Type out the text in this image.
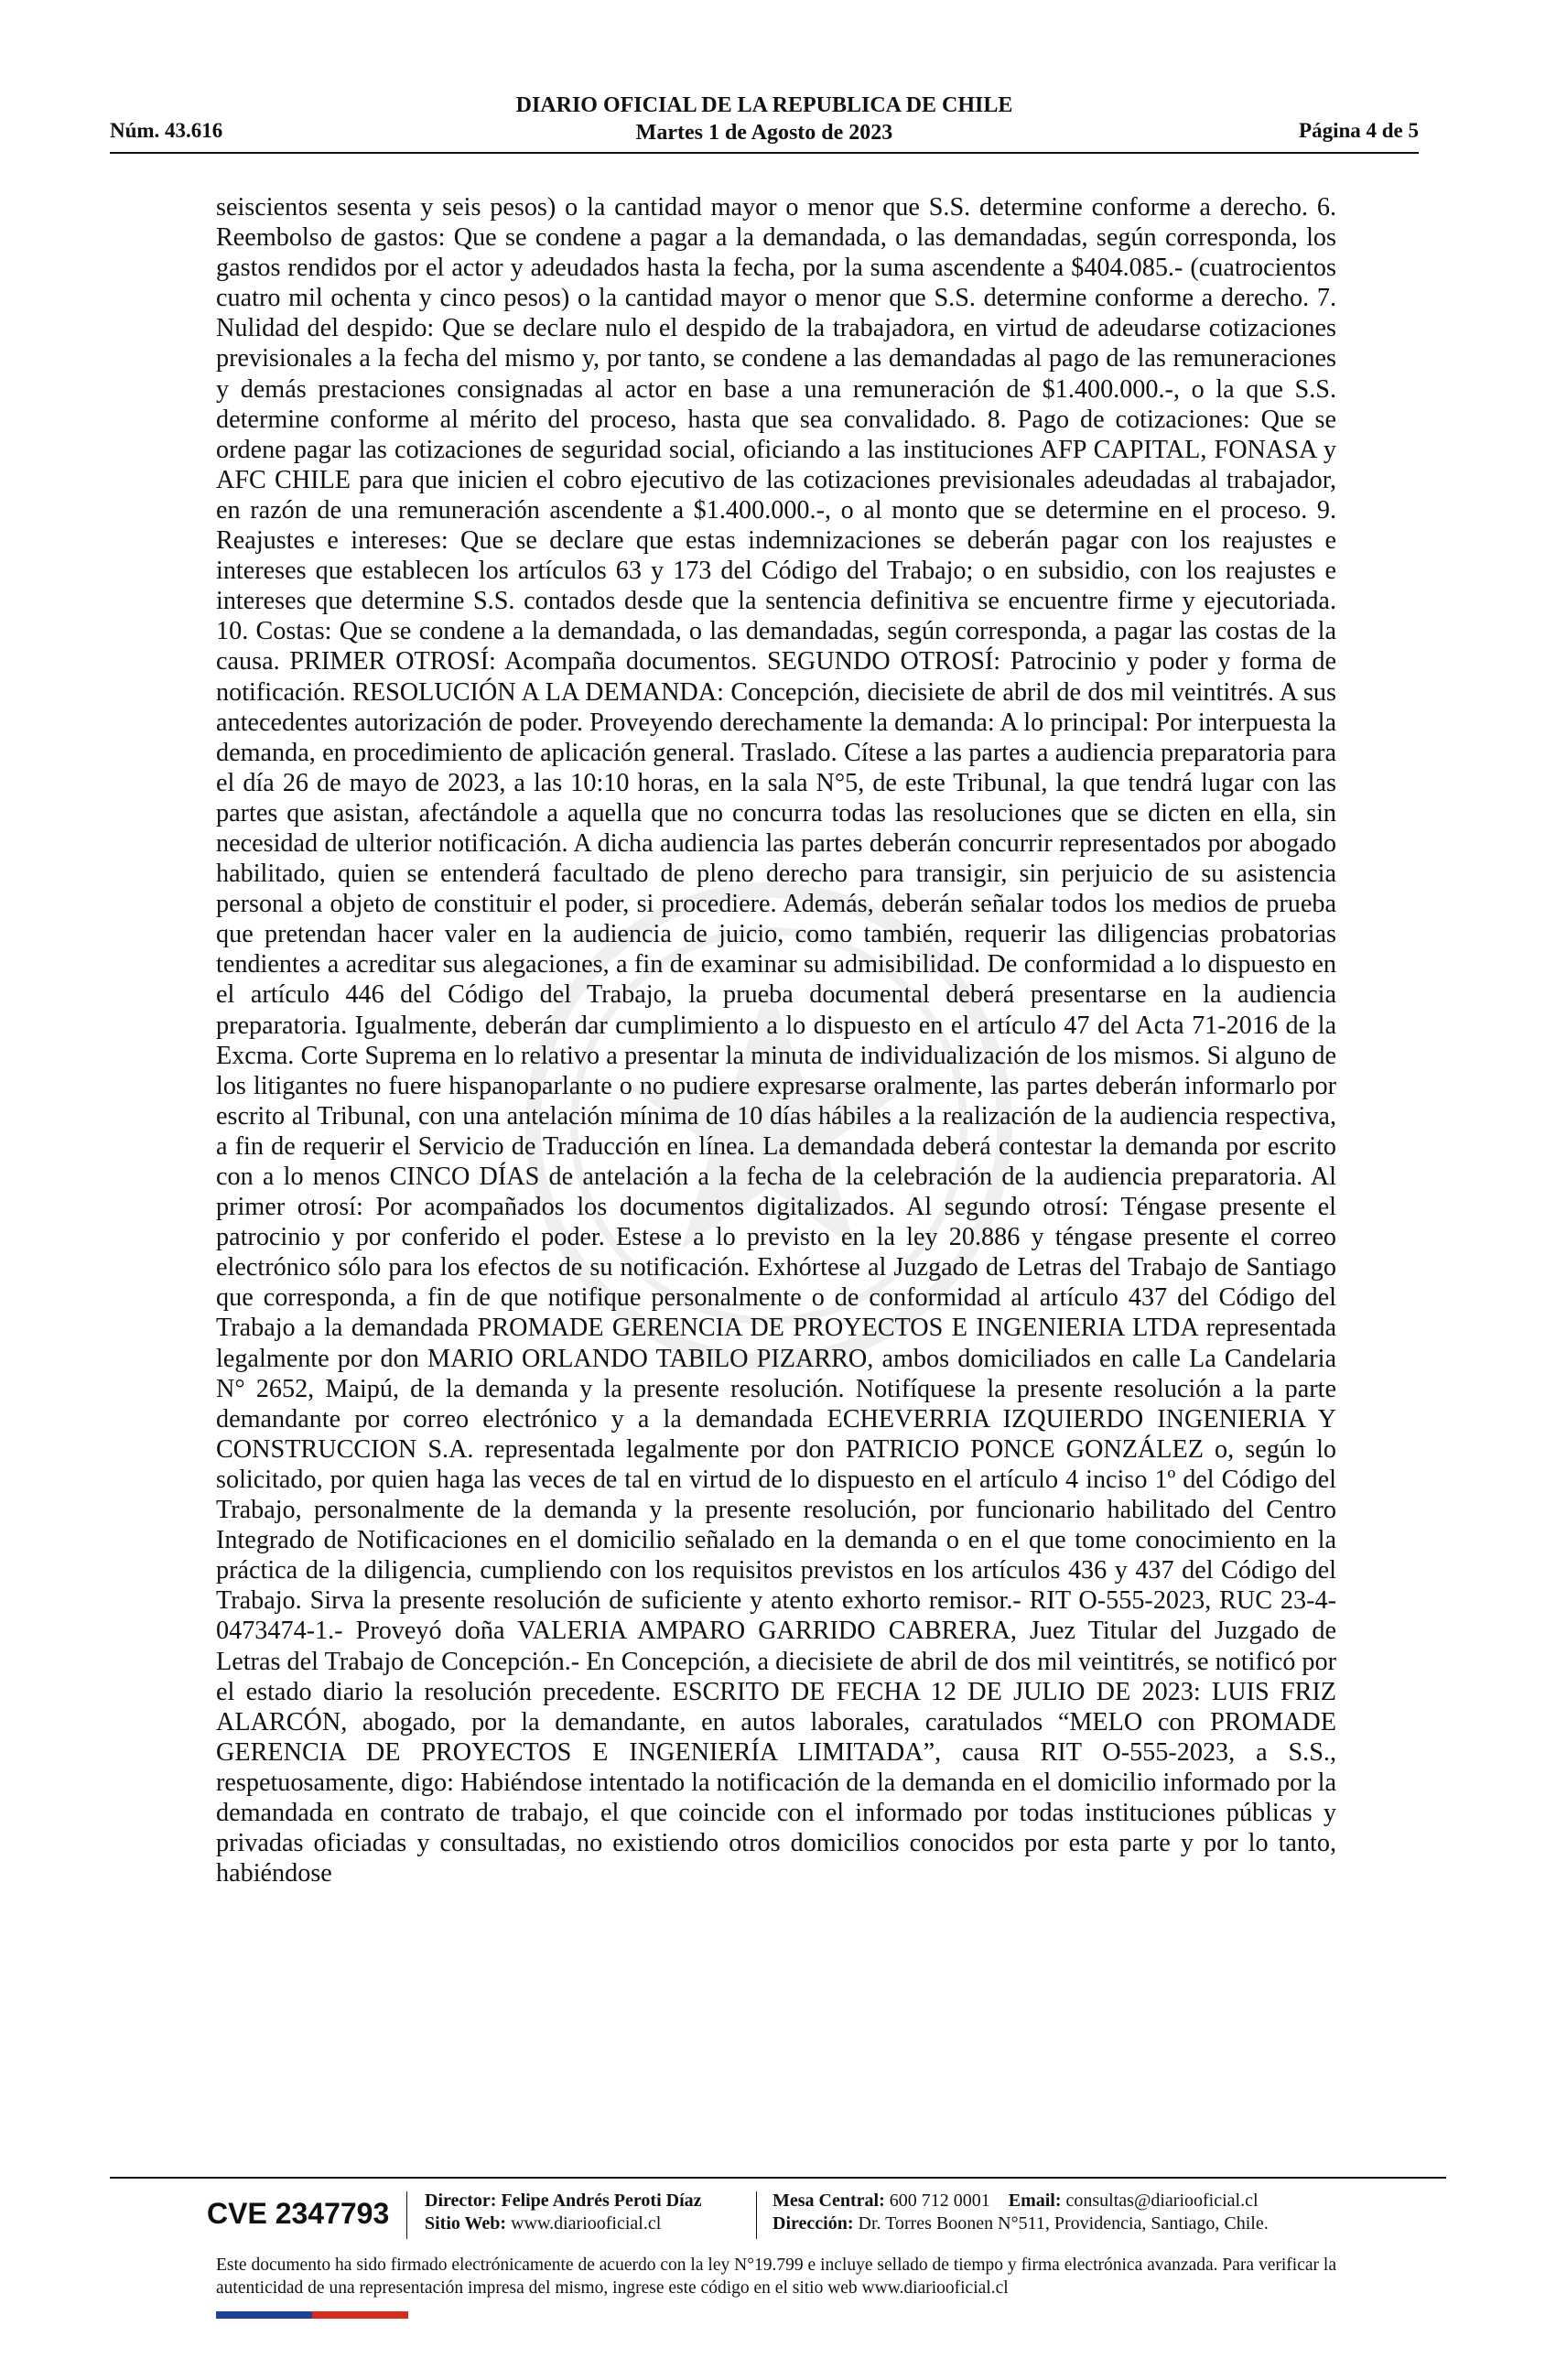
DIARIO OFICIAL DE LA REPUBLICA DE CHILE
Martes 1 de Agosto de 2023
Núm. 43.616	Página 4 de 5

seiscientos sesenta y seis pesos) o la cantidad mayor o menor que S.S. determine conforme a derecho. 6. Reembolso de gastos: Que se condene a pagar a la demandada, o las demandadas, según corresponda, los gastos rendidos por el actor y adeudados hasta la fecha, por la suma ascendente a $404.085.- (cuatrocientos cuatro mil ochenta y cinco pesos) o la cantidad mayor o menor que S.S. determine conforme a derecho. 7. Nulidad del despido: Que se declare nulo el despido de la trabajadora, en virtud de adeudarse cotizaciones previsionales a la fecha del mismo y, por tanto, se condene a las demandadas al pago de las remuneraciones y demás prestaciones consignadas al actor en base a una remuneración de $1.400.000.-, o la que S.S. determine conforme al mérito del proceso, hasta que sea convalidado. 8. Pago de cotizaciones: Que se ordene pagar las cotizaciones de seguridad social, oficiando a las instituciones AFP CAPITAL, FONASA y AFC CHILE para que inicien el cobro ejecutivo de las cotizaciones previsionales adeudadas al trabajador, en razón de una remuneración ascendente a $1.400.000.-, o al monto que se determine en el proceso. 9. Reajustes e intereses: Que se declare que estas indemnizaciones se deberán pagar con los reajustes e intereses que establecen los artículos 63 y 173 del Código del Trabajo; o en subsidio, con los reajustes e intereses que determine S.S. contados desde que la sentencia definitiva se encuentre firme y ejecutoriada. 10. Costas: Que se condene a la demandada, o las demandadas, según corresponda, a pagar las costas de la causa. PRIMER OTROSÍ: Acompaña documentos. SEGUNDO OTROSÍ: Patrocinio y poder y forma de notificación. RESOLUCIÓN A LA DEMANDA: Concepción, diecisiete de abril de dos mil veintitrés. A sus antecedentes autorización de poder. Proveyendo derechamente la demanda: A lo principal: Por interpuesta la demanda, en procedimiento de aplicación general. Traslado. Cítese a las partes a audiencia preparatoria para el día 26 de mayo de 2023, a las 10:10 horas, en la sala N°5, de este Tribunal, la que tendrá lugar con las partes que asistan, afectándole a aquella que no concurra todas las resoluciones que se dicten en ella, sin necesidad de ulterior notificación. A dicha audiencia las partes deberán concurrir representados por abogado habilitado, quien se entenderá facultado de pleno derecho para transigir, sin perjuicio de su asistencia personal a objeto de constituir el poder, si procediere. Además, deberán señalar todos los medios de prueba que pretendan hacer valer en la audiencia de juicio, como también, requerir las diligencias probatorias tendientes a acreditar sus alegaciones, a fin de examinar su admisibilidad. De conformidad a lo dispuesto en el artículo 446 del Código del Trabajo, la prueba documental deberá presentarse en la audiencia preparatoria. Igualmente, deberán dar cumplimiento a lo dispuesto en el artículo 47 del Acta 71-2016 de la Excma. Corte Suprema en lo relativo a presentar la minuta de individualización de los mismos. Si alguno de los litigantes no fuere hispanoparlante o no pudiere expresarse oralmente, las partes deberán informarlo por escrito al Tribunal, con una antelación mínima de 10 días hábiles a la realización de la audiencia respectiva, a fin de requerir el Servicio de Traducción en línea. La demandada deberá contestar la demanda por escrito con a lo menos CINCO DÍAS de antelación a la fecha de la celebración de la audiencia preparatoria. Al primer otrosí: Por acompañados los documentos digitalizados. Al segundo otrosí: Téngase presente el patrocinio y por conferido el poder. Estese a lo previsto en la ley 20.886 y téngase presente el correo electrónico sólo para los efectos de su notificación. Exhórtese al Juzgado de Letras del Trabajo de Santiago que corresponda, a fin de que notifique personalmente o de conformidad al artículo 437 del Código del Trabajo a la demandada PROMADE GERENCIA DE PROYECTOS E INGENIERIA LTDA representada legalmente por don MARIO ORLANDO TABILO PIZARRO, ambos domiciliados en calle La Candelaria N° 2652, Maipú, de la demanda y la presente resolución. Notifíquese la presente resolución a la parte demandante por correo electrónico y a la demandada ECHEVERRIA IZQUIERDO INGENIERIA Y CONSTRUCCION S.A. representada legalmente por don PATRICIO PONCE GONZÁLEZ o, según lo solicitado, por quien haga las veces de tal en virtud de lo dispuesto en el artículo 4 inciso 1º del Código del Trabajo, personalmente de la demanda y la presente resolución, por funcionario habilitado del Centro Integrado de Notificaciones en el domicilio señalado en la demanda o en el que tome conocimiento en la práctica de la diligencia, cumpliendo con los requisitos previstos en los artículos 436 y 437 del Código del Trabajo. Sirva la presente resolución de suficiente y atento exhorto remisor.- RIT O-555-2023, RUC 23-4-0473474-1.- Proveyó doña VALERIA AMPARO GARRIDO CABRERA, Juez Titular del Juzgado de Letras del Trabajo de Concepción.- En Concepción, a diecisiete de abril de dos mil veintitrés, se notificó por el estado diario la resolución precedente. ESCRITO DE FECHA 12 DE JULIO DE 2023: LUIS FRIZ ALARCÓN, abogado, por la demandante, en autos laborales, caratulados “MELO con PROMADE GERENCIA DE PROYECTOS E INGENIERÍA LIMITADA”, causa RIT O-555-2023, a S.S., respetuosamente, digo: Habiéndose intentado la notificación de la demanda en el domicilio informado por la demandada en contrato de trabajo, el que coincide con el informado por todas instituciones públicas y privadas oficiadas y consultadas, no existiendo otros domicilios conocidos por esta parte y por lo tanto, habiéndose

CVE 2347793 Director: Felipe Andrés Peroti Díaz
Sitio Web: www.diariooficial.cl
Mesa Central: 600 712 0001 Email: consultas@diariooficial.cl
Dirección: Dr. Torres Boonen N°511, Providencia, Santiago, Chile.
Este documento ha sido firmado electrónicamente de acuerdo con la ley N°19.799 e incluye sellado de tiempo y firma electrónica avanzada. Para verificar la autenticidad de una representación impresa del mismo, ingrese este código en el sitio web www.diariooficial.cl
